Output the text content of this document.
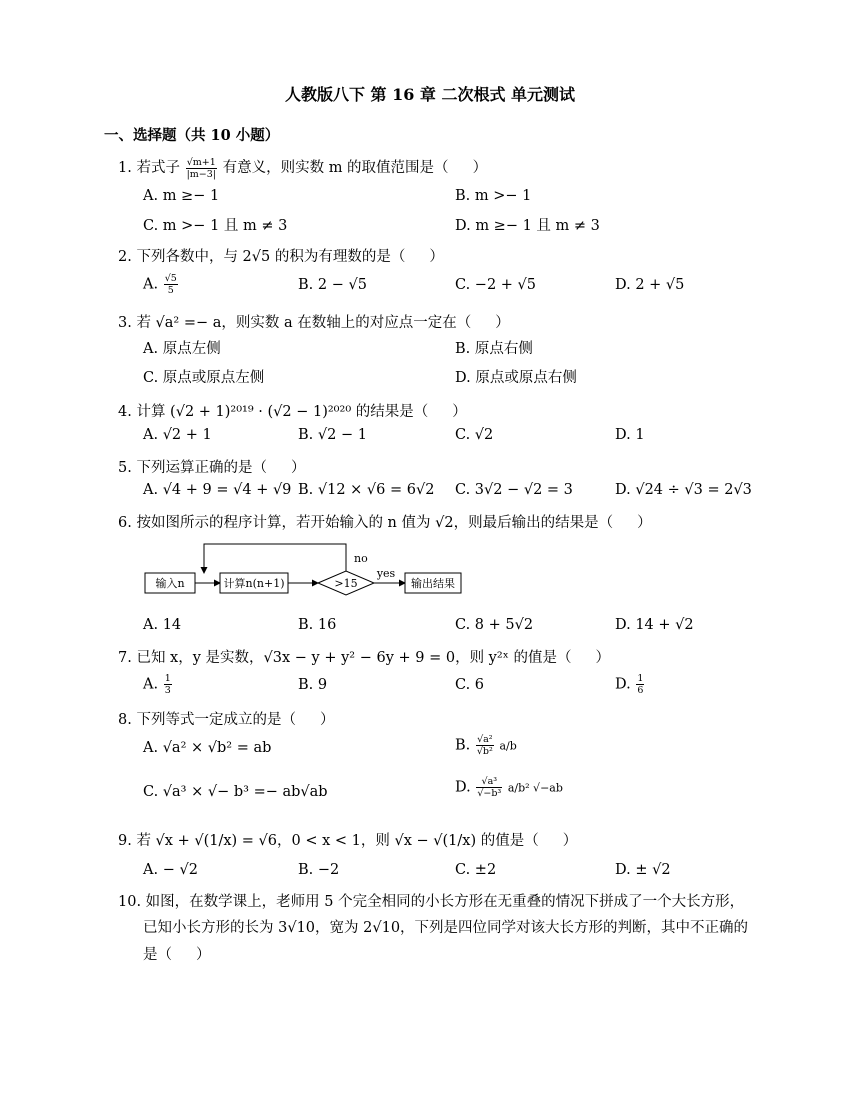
人教版八下 第 16 章 二次根式 单元测试
一、选择题（共 10 小题）
1. 若式子 $\frac{√m+1}{|m-3|}$ 有意义，则实数 m 的取值范围是（ ）
A. m ≥− 1	B. m >− 1
C. m >− 1 且 m ≠ 3	D. m ≥− 1 且 m ≠ 3
2. 下列各数中，与 2√5 的积为有理数的是（ ）
A. $\frac{√5}{5}$	B. 2 − √5	C. −2 + √5	D. 2 + √5
3. 若 √a² =− a，则实数 a 在数轴上的对应点一定在（ ）
A. 原点左侧	B. 原点右侧
C. 原点或原点左侧	D. 原点或原点右侧
4. 计算 (√2 + 1)²⁰¹⁹ · (√2 − 1)²⁰²⁰ 的结果是（ ）
A. √2 + 1	B. √2 − 1	C. √2	D. 1
5. 下列运算正确的是（ ）
A. √4 + 9 = √4 + √9 B. √12 × √6 = 6√2 C. 3√2 − √2 = 3	D. √24 ÷ √3 = 2√3
6. 按如图所示的程序计算，若开始输入的 n 值为 √2，则最后输出的结果是（ ）
输入n	计算n(n+1)	>15
yes
输出结果
no
A. 14	B. 16	C. 8 + 5√2	D. 14 + √2
7. 已知 x，y 是实数，√3x − y + y² − 6y + 9 = 0，则 y²ˣ 的值是（ ）
A. $\frac{1}{3}$	B. 9	C. 6	D. $\frac{1}{6}$
8. 下列等式一定成立的是（ ）
A. √a² × √b² = ab	B. $\frac{\text{√a²}}{\text{√b²}} a/b$
C. √a³ × √− b³ =− ab√ab	D. $\frac{\text{√a³}}{\text{√−b³}} a/b^2$ √−ab
9. 若 √x + √(1/x) = √6，0 < x < 1，则 √x − √(1/x) 的值是（ ）
A. − √2	B. −2	C. ±2	D. ± √2
10. 如图，在数学课上，老师用 5 个完全相同的小长方形在无重叠的情况下拼成了一个大长方形，
已知小长方形的长为 3√10，宽为 2√10，下列是四位同学对该大长方形的判断，其中不正确的
是（ ）
